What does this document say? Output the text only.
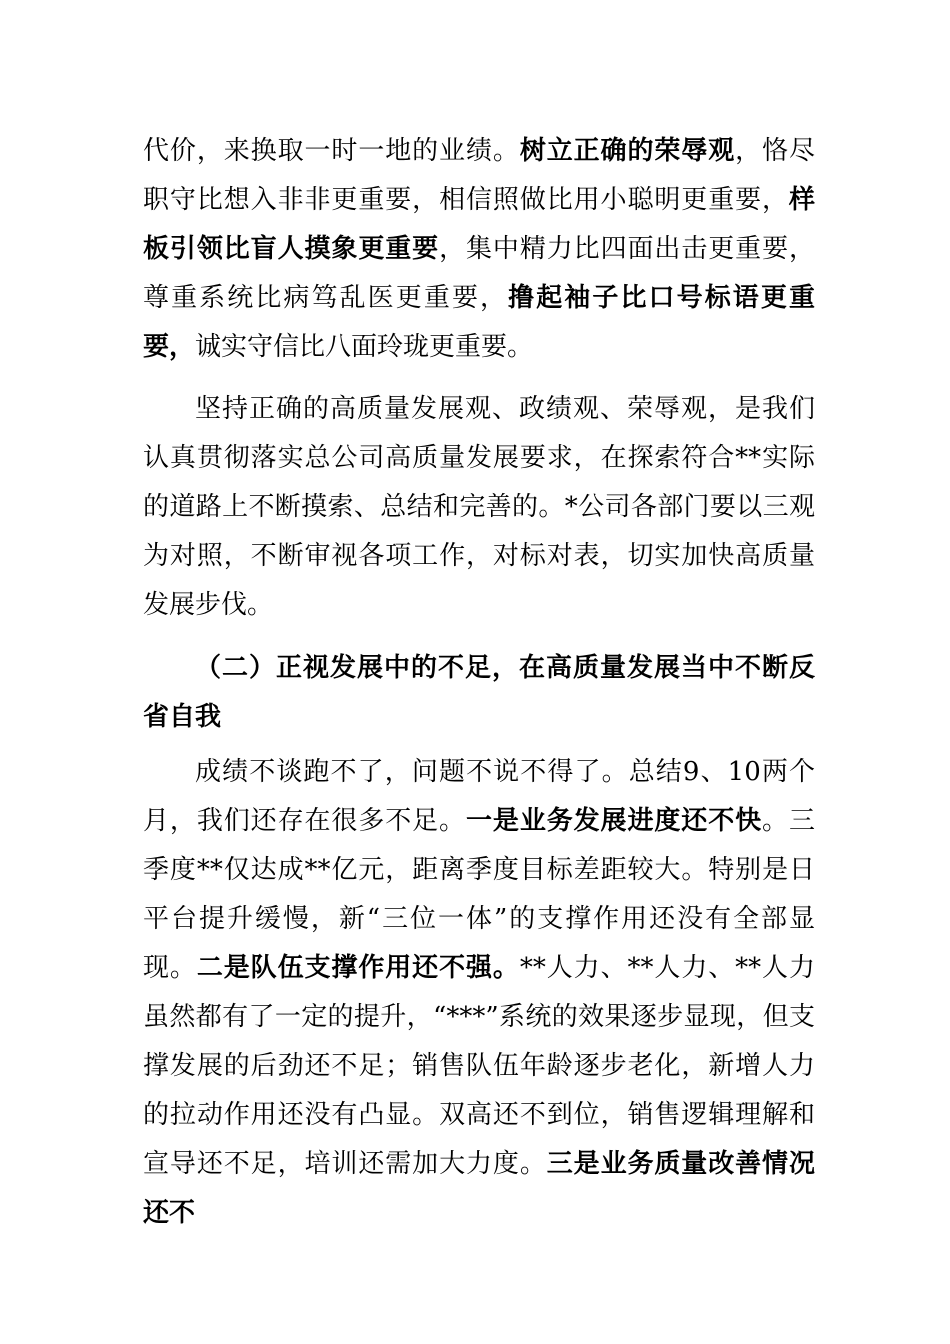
代价，来换取一时一地的业绩。树立正确的荣辱观，恪尽职守比想入非非更重要，相信照做比用小聪明更重要，样板引领比盲人摸象更重要，集中精力比四面出击更重要，尊重系统比病笃乱医更重要，撸起袖子比口号标语更重要，诚实守信比八面玲珑更重要。

坚持正确的高质量发展观、政绩观、荣辱观，是我们认真贯彻落实总公司高质量发展要求，在探索符合**实际的道路上不断摸索、总结和完善的。*公司各部门要以三观为对照，不断审视各项工作，对标对表，切实加快高质量发展步伐。

（二）正视发展中的不足，在高质量发展当中不断反省自我

成绩不谈跑不了，问题不说不得了。总结9、10两个月，我们还存在很多不足。一是业务发展进度还不快。三季度**仅达成**亿元，距离季度目标差距较大。特别是日平台提升缓慢，新“三位一体”的支撑作用还没有全部显现。二是队伍支撑作用还不强。**人力、**人力、**人力虽然都有了一定的提升，“***”系统的效果逐步显现，但支撑发展的后劲还不足；销售队伍年龄逐步老化，新增人力的拉动作用还没有凸显。双高还不到位，销售逻辑理解和宣导还不足，培训还需加大力度。三是业务质量改善情况还不
